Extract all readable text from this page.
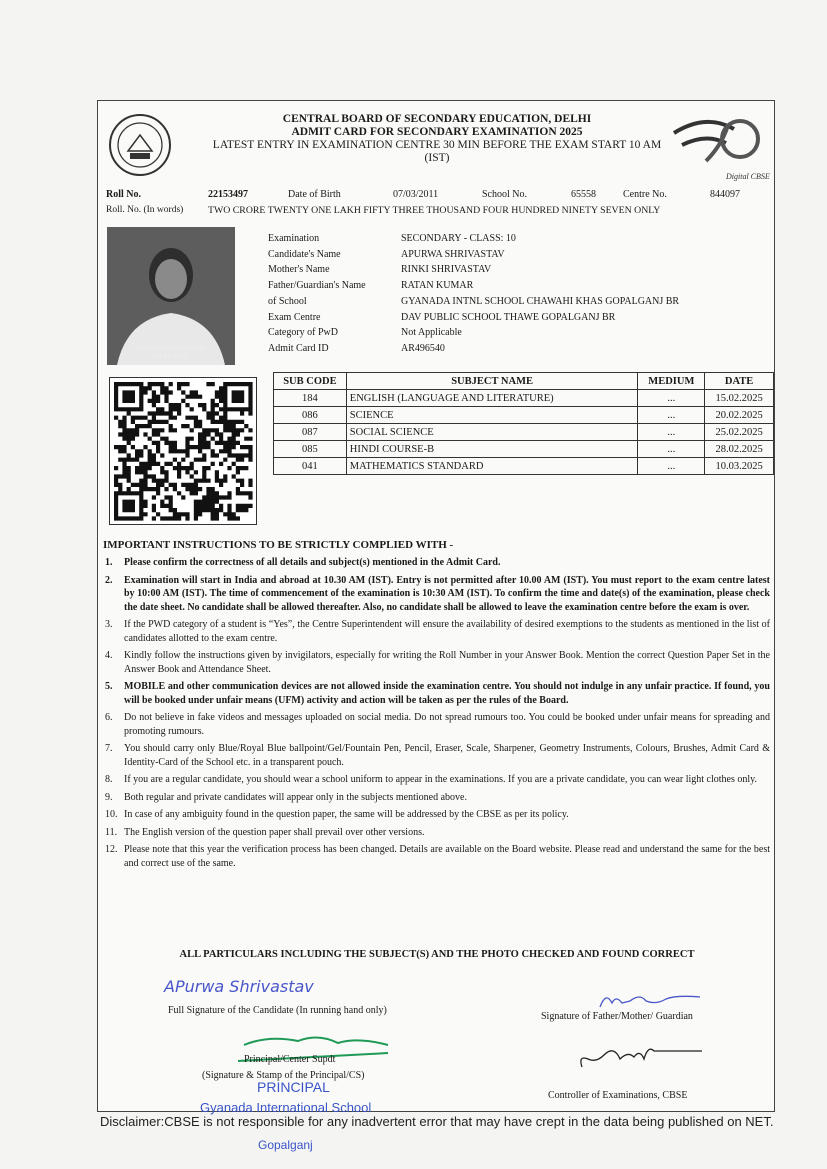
CENTRAL BOARD OF SECONDARY EDUCATION, DELHI
ADMIT CARD FOR SECONDARY EXAMINATION 2025
LATEST ENTRY IN EXAMINATION CENTRE 30 MIN BEFORE THE EXAM START 10 AM
(IST)
Digital CBSE
Roll No.	22153497	Date of Birth	07/03/2011	School No.	65558	Centre No.	844097
Roll. No. (In words)	TWO CRORE TWENTY ONE LAKH FIFTY THREE THOUSAND FOUR HUNDRED NINETY SEVEN ONLY
APURWA SHRIVASTAV
24-06-2023
Examination	SECONDARY - CLASS: 10
Candidate's Name	APURWA SHRIVASTAV
Mother's Name	RINKI SHRIVASTAV
Father/Guardian's Name	RATAN KUMAR
of School	GYANADA INTNL SCHOOL CHAWAHI KHAS GOPALGANJ BR
Exam Centre	DAV PUBLIC SCHOOL THAWE GOPALGANJ BR
Category of PwD	Not Applicable
Admit Card ID	AR496540
SUB CODE	SUBJECT NAME	MEDIUM	DATE
184	ENGLISH (LANGUAGE AND LITERATURE)	...	15.02.2025
086	SCIENCE	...	20.02.2025
087	SOCIAL SCIENCE	...	25.02.2025
085	HINDI COURSE-B	...	28.02.2025
041	MATHEMATICS STANDARD	...	10.03.2025
IMPORTANT INSTRUCTIONS TO BE STRICTLY COMPLIED WITH -
1. Please confirm the correctness of all details and subject(s) mentioned in the Admit Card.
2. Examination will start in India and abroad at 10.30 AM (IST). Entry is not permitted after 10.00 AM (IST). You must report to the exam centre latest by 10:00 AM (IST). The time of commencement of the examination is 10:30 AM (IST). To confirm the time and date(s) of the examination, please check the date sheet. No candidate shall be allowed thereafter. Also, no candidate shall be allowed to leave the examination centre before the exam is over.
3. If the PWD category of a student is “Yes”, the Centre Superintendent will ensure the availability of desired exemptions to the students as mentioned in the list of candidates allotted to the exam centre.
4. Kindly follow the instructions given by invigilators, especially for writing the Roll Number in your Answer Book. Mention the correct Question Paper Set in the Answer Book and Attendance Sheet.
5. MOBILE and other communication devices are not allowed inside the examination centre. You should not indulge in any unfair practice. If found, you will be booked under unfair means (UFM) activity and action will be taken as per the rules of the Board.
6. Do not believe in fake videos and messages uploaded on social media. Do not spread rumours too. You could be booked under unfair means for spreading and promoting rumours.
7. You should carry only Blue/Royal Blue ballpoint/Gel/Fountain Pen, Pencil, Eraser, Scale, Sharpener, Geometry Instruments, Colours, Brushes, Admit Card & Identity-Card of the School etc. in a transparent pouch.
8. If you are a regular candidate, you should wear a school uniform to appear in the examinations. If you are a private candidate, you can wear light clothes only.
9. Both regular and private candidates will appear only in the subjects mentioned above.
10. In case of any ambiguity found in the question paper, the same will be addressed by the CBSE as per its policy.
11. The English version of the question paper shall prevail over other versions.
12. Please note that this year the verification process has been changed. Details are available on the Board website. Please read and understand the same for the best and correct use of the same.
ALL PARTICULARS INCLUDING THE SUBJECT(S) AND THE PHOTO CHECKED AND FOUND CORRECT
APurwa Shrivastav
Full Signature of the Candidate (In running hand only)
Signature of Father/Mother/ Guardian
Principal/Center Supdt
(Signature & Stamp of the Principal/CS)
Controller of Examinations, CBSE
PRINCIPAL
Gyanada International School
Gopalganj
Disclaimer:CBSE is not responsible for any inadvertent error that may have crept in the data being published on NET.
